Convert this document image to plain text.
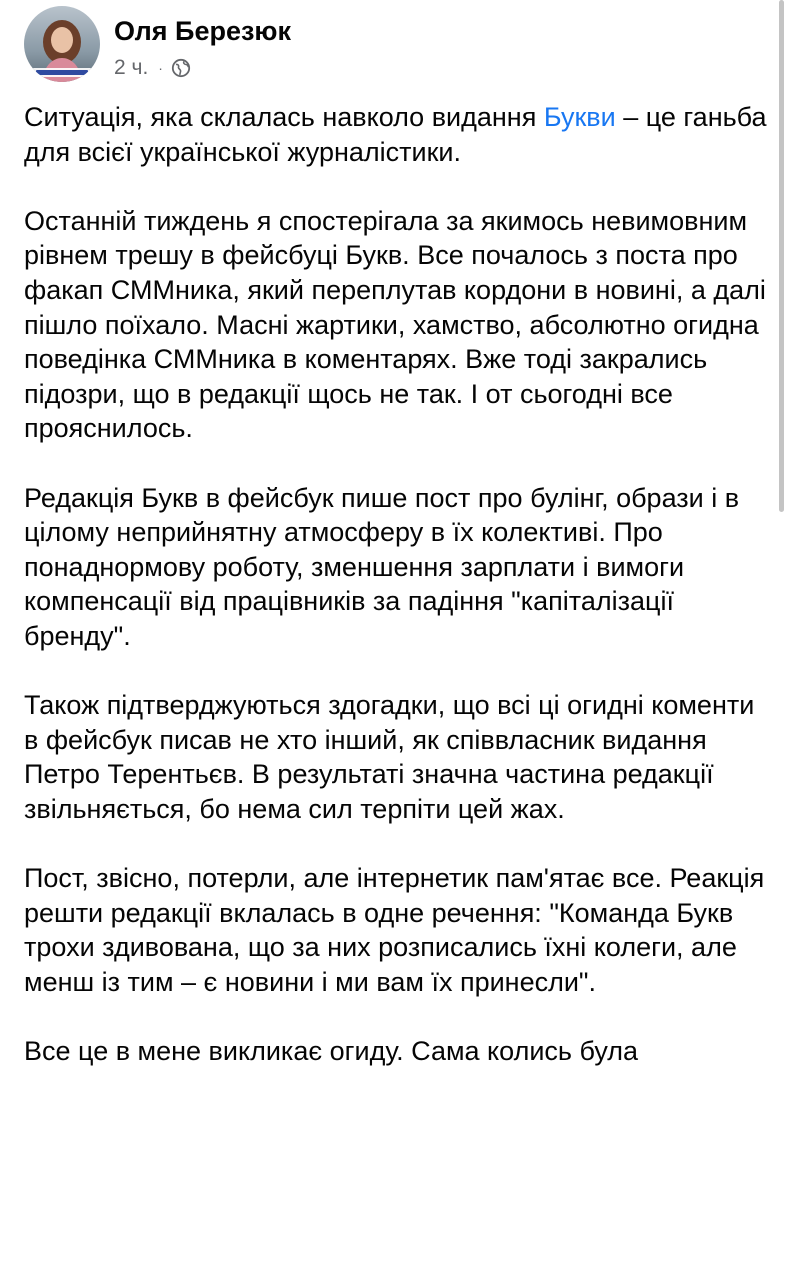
Оля Березюк
2 ч. ·

Ситуація, яка склалась навколо видання Букви – це ганьба для всієї української журналістики.

Останній тиждень я спостерігала за якимось невимовним рівнем трешу в фейсбуці Букв. Все почалось з поста про факап СММника, який переплутав кордони в новині, а далі пішло поїхало. Масні жартики, хамство, абсолютно огидна поведінка СММника в коментарях. Вже тоді закрались підозри, що в редакції щось не так. І от сьогодні все прояснилось.

Редакція Букв в фейсбук пише пост про булінг, образи і в цілому неприйнятну атмосферу в їх колективі. Про понаднормову роботу, зменшення зарплати і вимоги компенсації від працівників за падіння "капіталізації бренду".

Також підтверджуються здогадки, що всі ці огидні коменти в фейсбук писав не хто інший, як співвласник видання Петро Терентьєв. В результаті значна частина редакції звільняється, бо нема сил терпіти цей жах.

Пост, звісно, потерли, але інтернетик пам'ятає все. Реакція решти редакції вклалась в одне речення: "Команда Букв трохи здивована, що за них розписались їхні колеги, але менш із тим – є новини і ми вам їх принесли".

Все це в мене викликає огиду. Сама колись була
